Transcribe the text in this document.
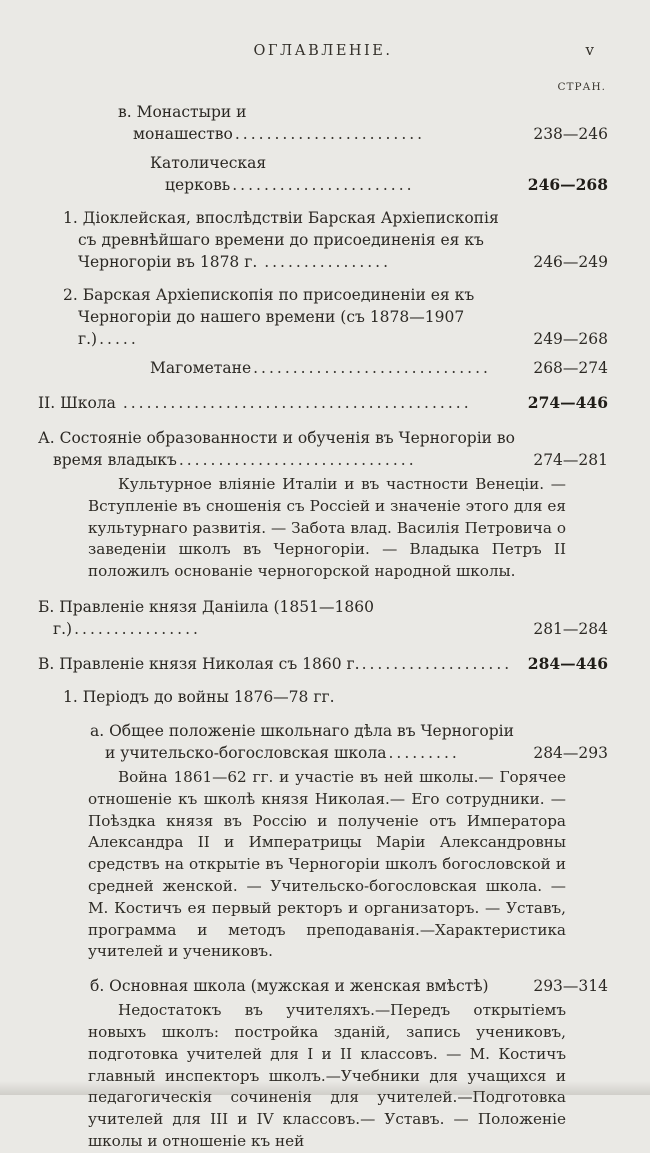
ОГЛАВЛЕНІЕ.	v
СТРАН.
в. Монастыри и монашество ........................	238—246
Католическая церковь .......................	246—268
1. Діоклейская, впослѣдствіи Барская Архіепископія съ древнѣйшаго времени до присоединенія ея къ Черногоріи въ 1878 г. ................	246—249
2. Барская Архіепископія по присоединеніи ея къ Черногоріи до нашего времени (съ 1878—1907 г.) .....	249—268
Магометане ..............................	268—274
II. Школа ............................................	274—446
А. Состояніе образованности и обученія въ Черногоріи во время владыкъ ..............................	274—281
Культурное вліяніе Италіи и въ частности Венеціи. — Вступленіе въ сношенія съ Россіей и значеніе этого для ея культурнаго развитія. — Забота влад. Василія Петровича о заведеніи школъ въ Черногоріи. — Владыка Петръ II положилъ основаніе черногорской народной школы.
Б. Правленіе князя Даніила (1851—1860 г.) ................	281—284
В. Правленіе князя Николая съ 1860 г. ................... 284—446
1. Періодъ до войны 1876—78 гг.
а. Общее положеніе школьнаго дѣла въ Черногоріи и учительско-богословская школа .........	284—293
Война 1861—62 гг. и участіе въ ней школы.— Горячее отношеніе къ школѣ князя Николая.— Его сотрудники. — Поѣздка князя въ Россію и полученіе отъ Императора Александра II и Императрицы Маріи Александровны средствъ на открытіе въ Черногоріи школъ богословской и средней женской. — Учительско-богословская школа. — М. Костичъ ея первый ректоръ и организаторъ. — Уставъ, программа и методъ преподаванія.—Характеристика учителей и учениковъ.
б. Основная школа (мужская и женская вмѣстѣ)	293—314
Недостатокъ въ учителяхъ.—Передъ открытіемъ новыхъ школъ: постройка зданій, запись учениковъ, подготовка учителей для I и II классовъ. — М. Костичъ главный инспекторъ школъ.—Учебники для учащихся и педагогическія сочиненія для учителей.—Подготовка учителей для III и IV классовъ.— Уставъ. — Положеніе школы и отношеніе къ ней
